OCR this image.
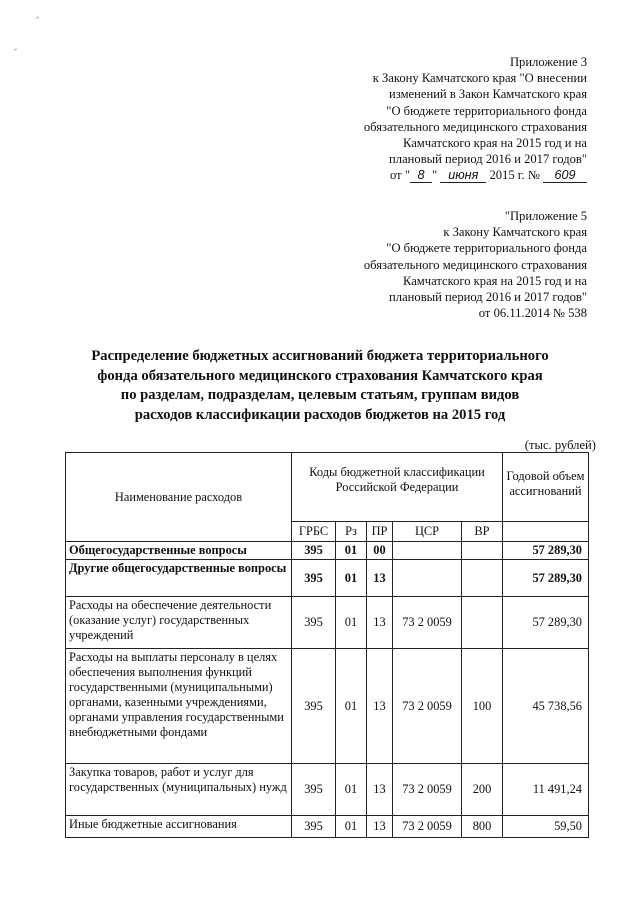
Приложение 3
к Закону Камчатского края "О внесении
изменений в Закон Камчатского края
"О бюджете территориального фонда
обязательного медицинского страхования
Камчатского края на 2015 год и на
плановый период 2016 и 2017 годов"
от " 8 " июня 2015 г. № 609
"Приложение 5
к Закону Камчатского края
"О бюджете территориального фонда
обязательного медицинского страхования
Камчатского края на 2015 год и на
плановый период 2016 и 2017 годов"
от 06.11.2014 № 538
Распределение бюджетных ассигнований бюджета территориального
фонда обязательного медицинского страхования Камчатского края
по разделам, подразделам, целевым статьям, группам видов
расходов классификации расходов бюджетов на 2015 год
(тыс. рублей)
Наименование расходов	Коды бюджетной классификации Российской Федерации					Годовой объем ассигнований
	ГРБС	Рз	ПР	ЦСР	ВР	
Общегосударственные вопросы	395	01	00			57 289,30
Другие общегосударственные вопросы	395	01	13			57 289,30
Расходы на обеспечение деятельности (оказание услуг) государственных учреждений	395	01	13	73 2 0059		57 289,30
Расходы на выплаты персоналу в целях обеспечения выполнения функций государственными (муниципальными) органами, казенными учреждениями, органами управления государственными внебюджетными фондами	395	01	13	73 2 0059	100	45 738,56
Закупка товаров, работ и услуг для государственных (муниципальных) нужд	395	01	13	73 2 0059	200	11 491,24
Иные бюджетные ассигнования	395	01	13	73 2 0059	800	59,50
